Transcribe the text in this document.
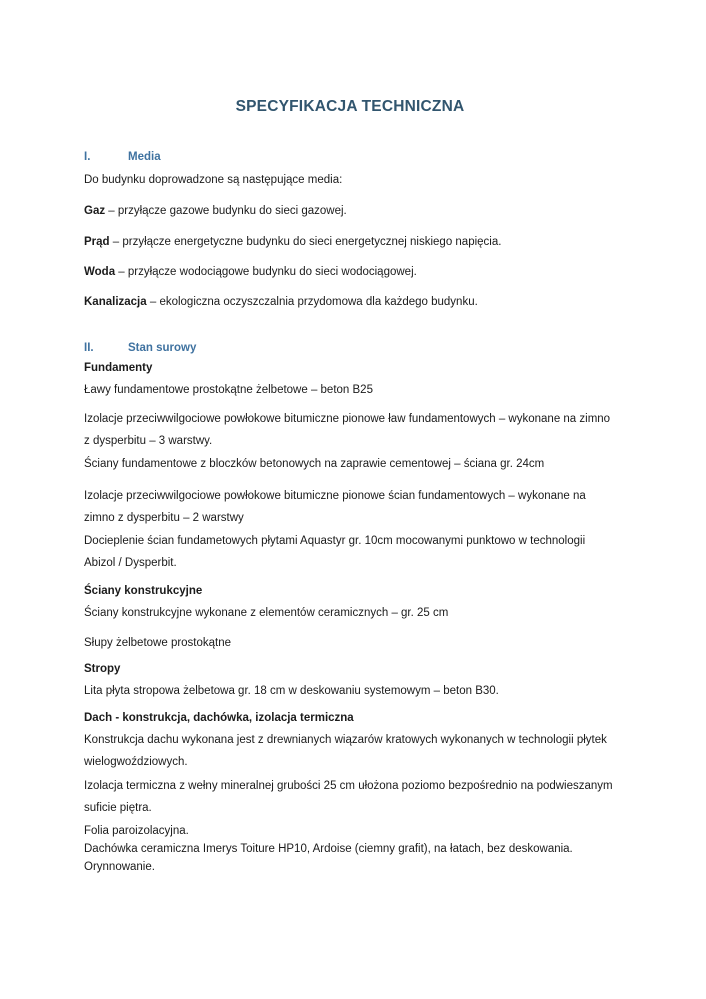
SPECYFIKACJA TECHNICZNA
I.	Media
Do budynku doprowadzone są następujące media:
Gaz – przyłącze gazowe budynku do sieci gazowej.
Prąd – przyłącze energetyczne budynku do sieci energetycznej niskiego napięcia.
Woda – przyłącze wodociągowe budynku do sieci wodociągowej.
Kanalizacja – ekologiczna oczyszczalnia przydomowa dla każdego budynku.
II.	Stan surowy
Fundamenty
Ławy fundamentowe prostokątne żelbetowe – beton B25
Izolacje przeciwwilgociowe powłokowe bitumiczne pionowe ław fundamentowych – wykonane na zimno z dysperbitu – 3 warstwy.
Ściany fundamentowe z bloczków betonowych na zaprawie cementowej – ściana gr. 24cm
Izolacje przeciwwilgociowe powłokowe bitumiczne pionowe ścian fundamentowych – wykonane na zimno z dysperbitu – 2 warstwy
Docieplenie ścian fundametowych płytami Aquastyr gr. 10cm mocowanymi punktowo w technologii Abizol / Dysperbit.
Ściany konstrukcyjne
Ściany konstrukcyjne wykonane z elementów ceramicznych – gr. 25 cm
Słupy żelbetowe prostokątne
Stropy
Lita płyta stropowa żelbetowa gr. 18 cm w deskowaniu systemowym – beton B30.
Dach - konstrukcja, dachówka, izolacja termiczna
Konstrukcja dachu wykonana jest z drewnianych wiązarów kratowych wykonanych w technologii płytek wielogwoździowych.
Izolacja termiczna z wełny mineralnej grubości 25 cm ułożona poziomo bezpośrednio na podwieszanym suficie piętra.
Folia paroizolacyjna.
Dachówka ceramiczna Imerys Toiture HP10, Ardoise (ciemny grafit), na łatach, bez deskowania.
Orynnowanie.
